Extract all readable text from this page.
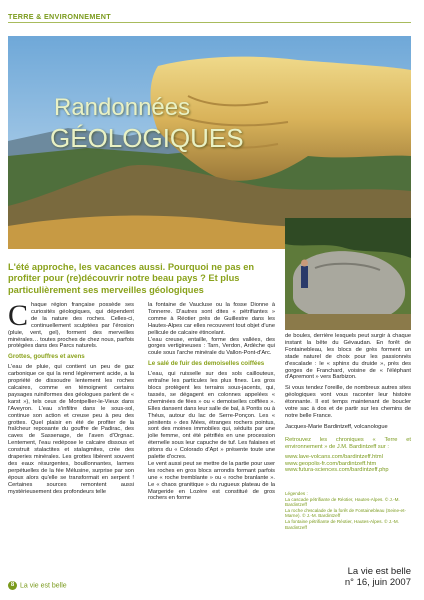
TERRE & ENVIRONNEMENT
Randonnées
GÉOLOGIQUES
L'été approche, les vacances aussi. Pourquoi ne pas en profiter pour (re)découvrir notre beau pays ? Et plus particulièrement ses merveilles géologiques
C haque région française possède ses curiosités géologiques, qui dépendent de la nature des roches. Celles-ci, continuellement sculptées par l'érosion (pluie, vent, gel), forment des merveilles minérales… toutes proches de chez nous, parfois protégées dans des Parcs naturels.

Grottes, gouffres et avens

L'eau de pluie, qui contient un peu de gaz carbonique ce qui la rend légèrement acide, a la propriété de dissoudre lentement les roches calcaires, comme en témoignent certains paysages ruiniformes des géologues parlent de « karst »), tels ceux de Montpellier-le-Vieux dans l'Aveyron. L'eau s'infiltre dans le sous-sol, continue son action et creuse peu à peu des grottes. Quel plaisir en été de profiter de la fraîcheur reposante du gouffre de Padirac, des caves de Sassenage, de l'aven d'Orgnac. Lentement, l'eau redépose le calcaire dissous et construit stalactites et stalagmites, crée des draperies minérales. Les grottes libèrent souvent des eaux résurgentes, bouillonnantes, larmes perpétuelles de la fée Mélusine, surprise par son époux alors qu'elle se transformait en serpent ! Certaines sources remontent aussi mystérieusement des profondeurs telle

la fontaine de Vaucluse ou la fosse Dionne à Tonnerre. D'autres sont dites « pétrifiantes » comme à Réotier près de Guillestre dans les Hautes-Alpes car elles recouvrent tout objet d'une pellicule de calcaire étincelant.

L'eau creuse, entaille, forme des vallées, des gorges vertigineuses : Tarn, Verdon, Ardèche qui coule sous l'arche minérale du Vallon-Pont-d'Arc.

Le salé de fuir des demoiselles coiffées

L'eau, qui ruisselle sur des sols caillouteux, entraîne les particules les plus fines. Les gros blocs protègent les terrains sous-jacents, qui, tassés, se dégagent en colonnes appelées « cheminées de fées » ou « demoiselles coiffées ». Elles dansent dans leur salle de bal, à Pontis ou à Théus, autour du lac de Serre-Ponçon. Les « pénitents » des Mées, étranges rochers pointus, sont des moines immobiles qui, séduits par une jolie femme, ont été pétrifiés en une procession éternelle sous leur capuche de tuf. Les falaises et pitons du « Colorado d'Apt » présente toute une palette d'ocres.

Le vent aussi peut se mettre de la partie pour user les roches en gros blocs arrondis formant parfois une « roche tremblante » ou « roche branlante ». Le « chaos granitique » du rugueux plateau de la Margeride en Lozère est constitué de gros rochers en forme

de boules, derrière lesquels peut surgir à chaque instant la bête du Gévaudan. En forêt de Fontainebleau, les blocs de grès forment un stade naturel de choix pour les passionnés d'escalade : le « sphinx du druide », près des gorges de Franchard, voisine de « l'éléphant d'Apremont » vers Barbizon.

Si vous tendez l'oreille, de nombreux autres sites géologiques vont vous raconter leur histoire étonnante. Il est temps maintenant de boucler votre sac à dos et de partir sur les chemins de notre belle France.

Jacques-Marie Bardintzeff, volcanologue

Retrouvez les chroniques « Terre et environnement » de J.M. Bardintzeff sur :

www.lave-volcans.com/bardintzeff.html

www.geopolis-fr.com/bardintzeff.htm

www.futura-sciences.com/bardintzeff.php

Légendes :
La cascade pétrifiante de Réotier, Hautes-Alpes. © J.-M. Bardintzeff
La roche d'escalade de la forêt de Fontainebleau (Seine-et-Marne). © J.-M. Bardintzeff
La fontaine pétrifiante de Réotier, Hautes-Alpes. © J.-M. Bardintzeff
8 La vie est belle
La vie est belle
n° 16, juin 2007
